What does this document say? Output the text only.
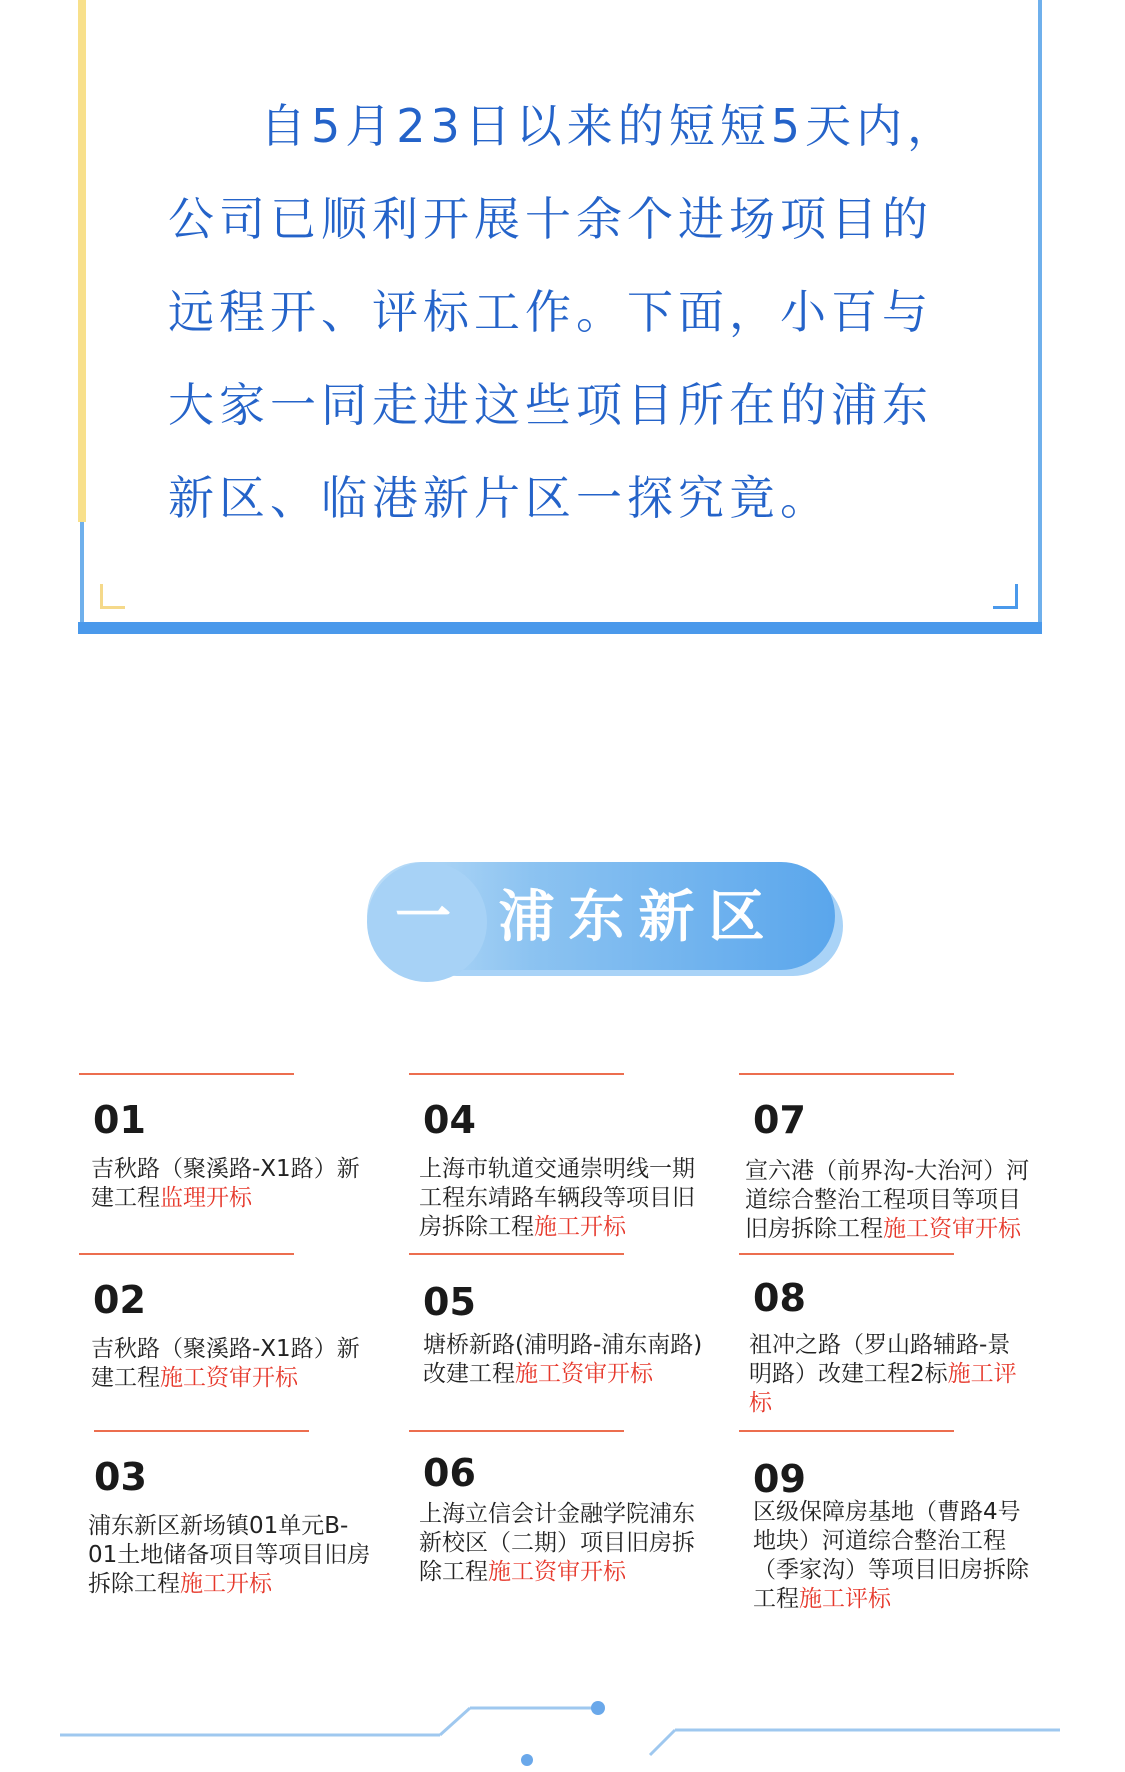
自5月23日以来的短短5天内，公司已顺利开展十余个进场项目的远程开、评标工作。下面，小百与大家一同走进这些项目所在的浦东新区、临港新片区一探究竟。

一 浦东新区
01

吉秋路（聚溪路-X1路）新建工程监理开标

02

吉秋路（聚溪路-X1路）新建工程施工资审开标

03

浦东新区新场镇01单元B-01土地储备项目等项目旧房拆除工程施工开标

04

上海市轨道交通崇明线一期工程东靖路车辆段等项目旧房拆除工程施工开标

05

塘桥新路(浦明路-浦东南路)改建工程施工资审开标

06

上海立信会计金融学院浦东新校区（二期）项目旧房拆除工程施工资审开标

07

宣六港（前界沟-大治河）河道综合整治工程项目等项目旧房拆除工程施工资审开标

08

祖冲之路（罗山路辅路-景明路）改建工程2标施工评标

09

区级保障房基地（曹路4号地块）河道综合整治工程（季家沟）等项目旧房拆除工程施工评标
